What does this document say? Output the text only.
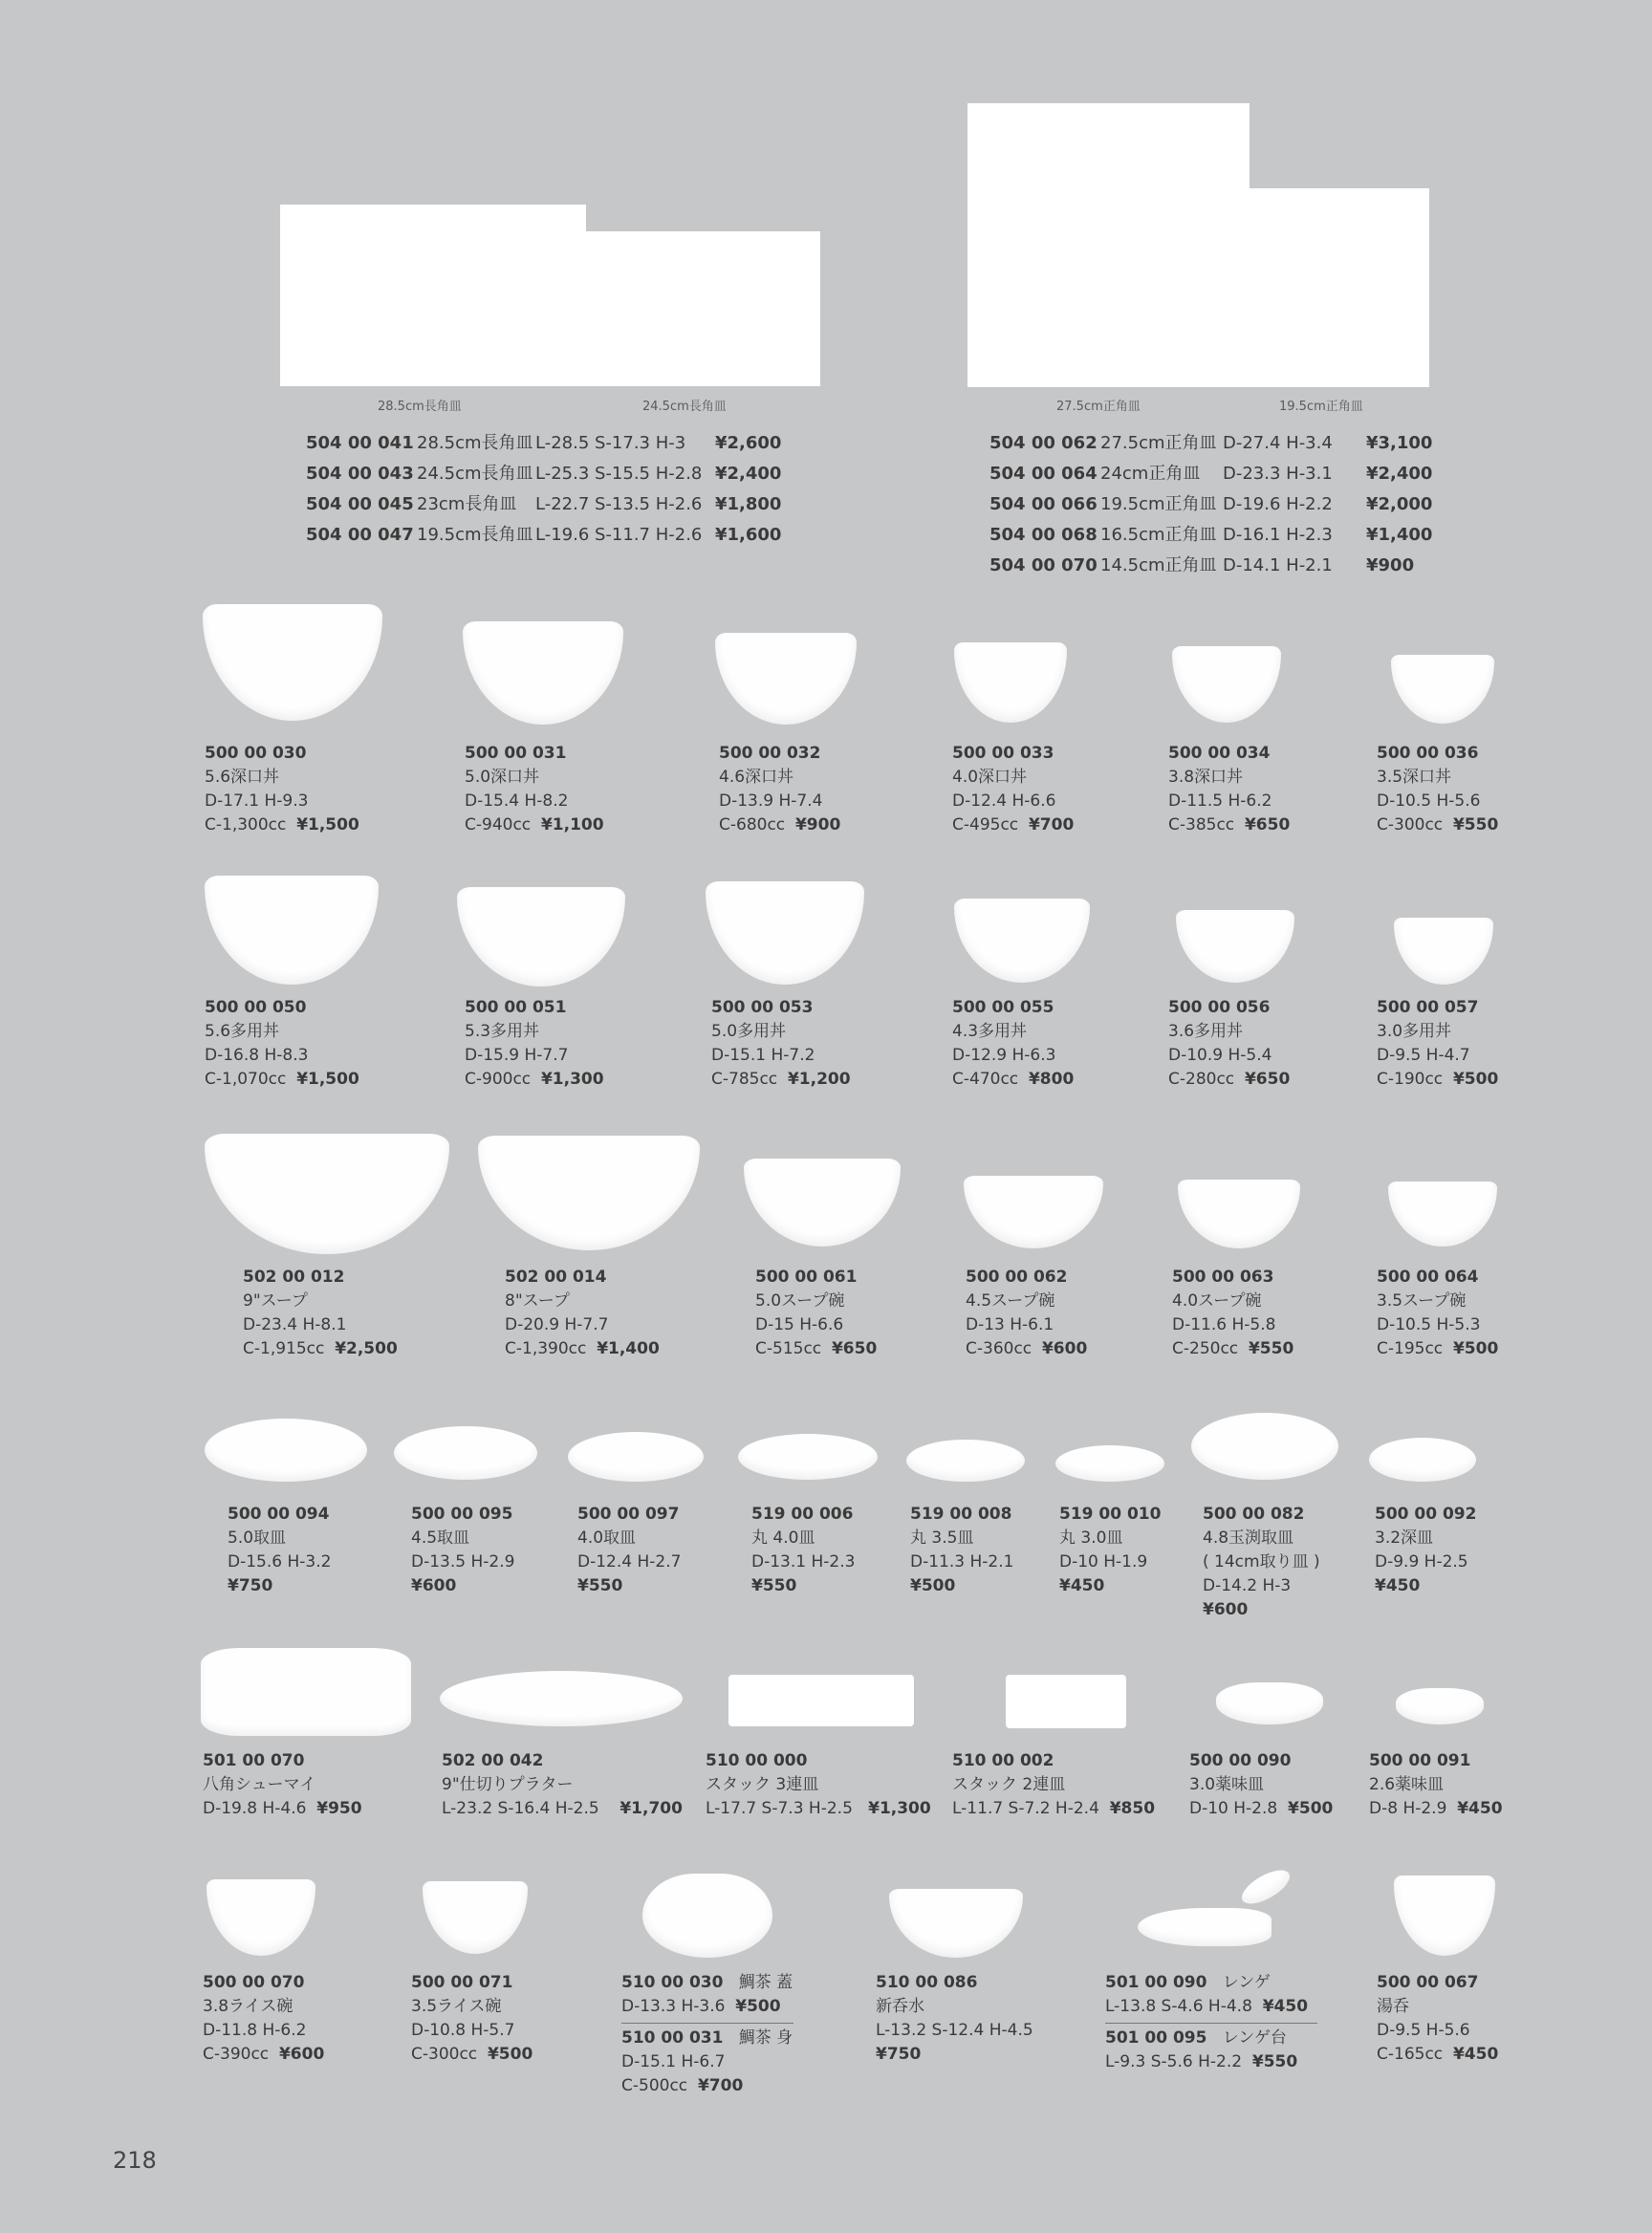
28.5cm長角皿	24.5cm長角皿
504 00 041 28.5cm長角皿 L-28.5 S-17.3 H-3 ¥2,600
504 00 043 24.5cm長角皿 L-25.3 S-15.5 H-2.8 ¥2,400
504 00 045 23cm長角皿 L-22.7 S-13.5 H-2.6 ¥1,800
504 00 047 19.5cm長角皿 L-19.6 S-11.7 H-2.6 ¥1,600
27.5cm正角皿	19.5cm正角皿
504 00 062 27.5cm正角皿 D-27.4 H-3.4 ¥3,100
504 00 064 24cm正角皿 D-23.3 H-3.1 ¥2,400
504 00 066 19.5cm正角皿 D-19.6 H-2.2 ¥2,000
504 00 068 16.5cm正角皿 D-16.1 H-2.3 ¥1,400
504 00 070 14.5cm正角皿 D-14.1 H-2.1 ¥900
500 00 030
5.6深口丼
D-17.1 H-9.3
C-1,300cc ¥1,500
500 00 031
5.0深口丼
D-15.4 H-8.2
C-940cc ¥1,100
500 00 032
4.6深口丼
D-13.9 H-7.4
C-680cc ¥900
500 00 033
4.0深口丼
D-12.4 H-6.6
C-495cc ¥700
500 00 034
3.8深口丼
D-11.5 H-6.2
C-385cc ¥650
500 00 036
3.5深口丼
D-10.5 H-5.6
C-300cc ¥550
500 00 050
5.6多用丼
D-16.8 H-8.3
C-1,070cc ¥1,500
500 00 051
5.3多用丼
D-15.9 H-7.7
C-900cc ¥1,300
500 00 053
5.0多用丼
D-15.1 H-7.2
C-785cc ¥1,200
500 00 055
4.3多用丼
D-12.9 H-6.3
C-470cc ¥800
500 00 056
3.6多用丼
D-10.9 H-5.4
C-280cc ¥650
500 00 057
3.0多用丼
D-9.5 H-4.7
C-190cc ¥500
502 00 012
9"スープ
D-23.4 H-8.1
C-1,915cc ¥2,500
502 00 014
8"スープ
D-20.9 H-7.7
C-1,390cc ¥1,400
500 00 061
5.0スープ碗
D-15 H-6.6
C-515cc ¥650
500 00 062
4.5スープ碗
D-13 H-6.1
C-360cc ¥600
500 00 063
4.0スープ碗
D-11.6 H-5.8
C-250cc ¥550
500 00 064
3.5スープ碗
D-10.5 H-5.3
C-195cc ¥500
500 00 094
5.0取皿
D-15.6 H-3.2
¥750
500 00 095
4.5取皿
D-13.5 H-2.9
¥600
500 00 097
4.0取皿
D-12.4 H-2.7
¥550
519 00 006
丸 4.0皿
D-13.1 H-2.3
¥550
519 00 008
丸 3.5皿
D-11.3 H-2.1
¥500
519 00 010
丸 3.0皿
D-10 H-1.9
¥450
500 00 082
4.8玉渕取皿
( 14cm取り皿 )
D-14.2 H-3
¥600
500 00 092
3.2深皿
D-9.9 H-2.5
¥450
501 00 070
八角シューマイ
D-19.8 H-4.6 ¥950
502 00 042
9"仕切りプラター
L-23.2 S-16.4 H-2.5 ¥1,700
510 00 000
スタック 3連皿
L-17.7 S-7.3 H-2.5 ¥1,300
510 00 002
スタック 2連皿
L-11.7 S-7.2 H-2.4 ¥850
500 00 090
3.0薬味皿
D-10 H-2.8 ¥500
500 00 091
2.6薬味皿
D-8 H-2.9 ¥450
500 00 070
3.8ライス碗
D-11.8 H-6.2
C-390cc ¥600
500 00 071
3.5ライス碗
D-10.8 H-5.7
C-300cc ¥500
510 00 030 鯛茶 蓋
D-13.3 H-3.6 ¥500
510 00 031 鯛茶 身
D-15.1 H-6.7
C-500cc ¥700
510 00 086
新呑水
L-13.2 S-12.4 H-4.5
¥750
501 00 090 レンゲ
L-13.8 S-4.6 H-4.8 ¥450
501 00 095 レンゲ台
L-9.3 S-5.6 H-2.2 ¥550
500 00 067
湯呑
D-9.5 H-5.6
C-165cc ¥450
218
